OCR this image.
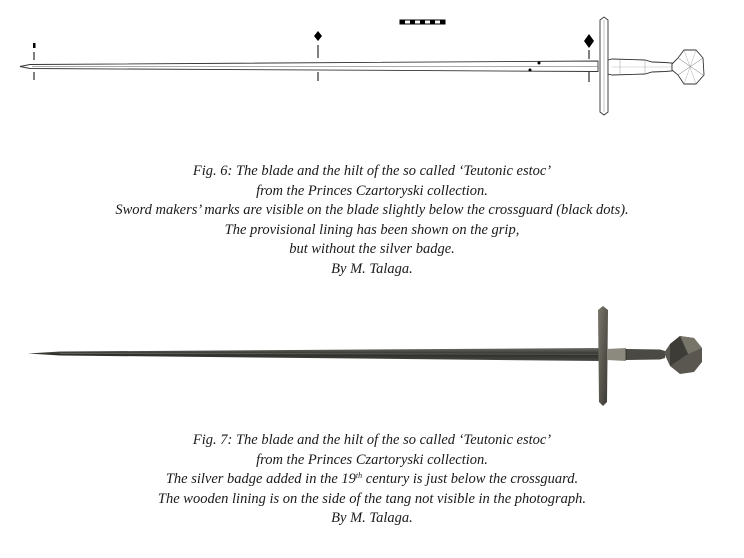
Fig. 6: The blade and the hilt of the so called ‘Teutonic estoc’
from the Princes Czartoryski collection.
Sword makers’ marks are visible on the blade slightly below the crossguard (black dots).
The provisional lining has been shown on the grip,
but without the silver badge.
By M. Talaga.
Fig. 7: The blade and the hilt of the so called ‘Teutonic estoc’
from the Princes Czartoryski collection.
The silver badge added in the 19th century is just below the crossguard.
The wooden lining is on the side of the tang not visible in the photograph.
By M. Talaga.
